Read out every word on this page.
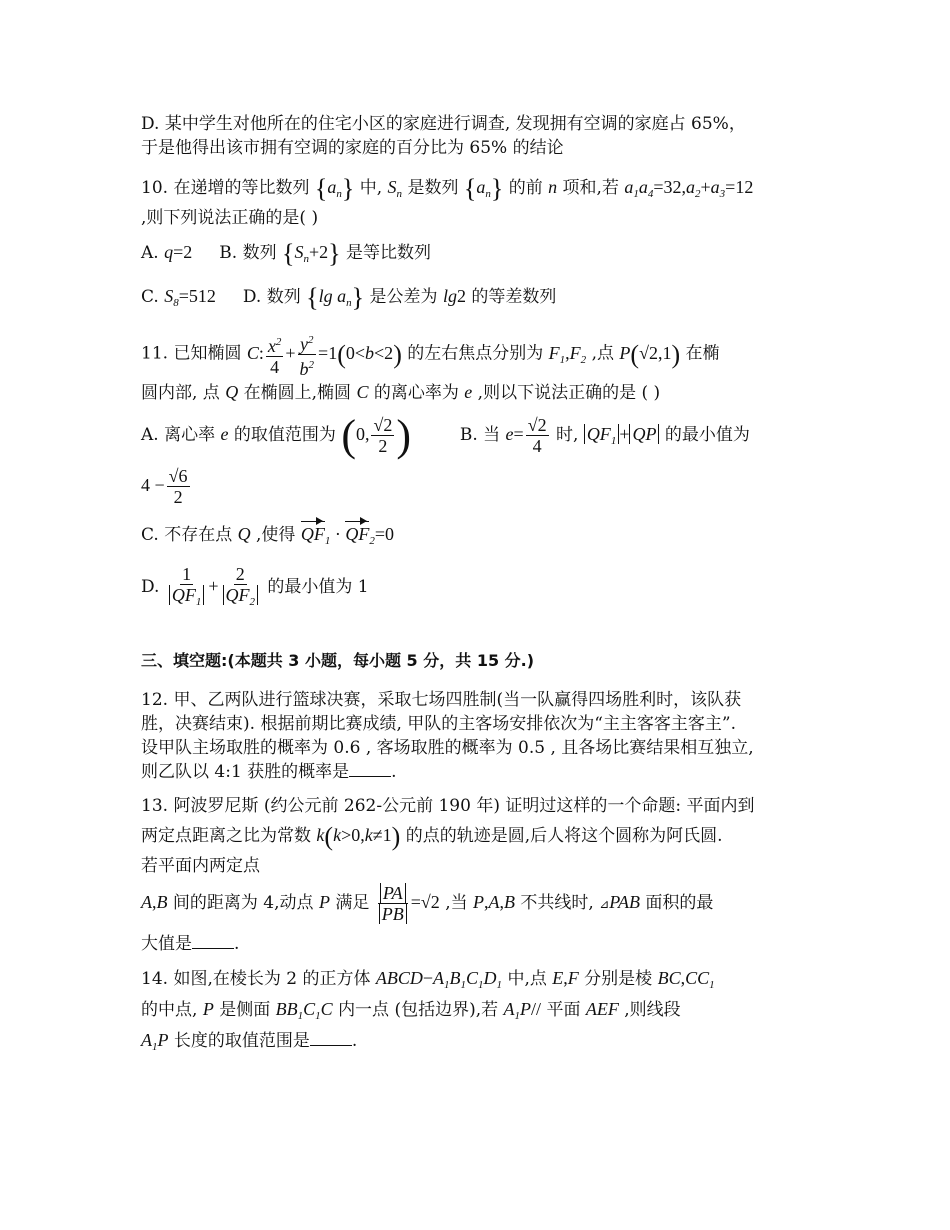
D. 某中学生对他所在的住宅小区的家庭进行调查, 发现拥有空调的家庭占 65%，
于是他得出该市拥有空调的家庭的百分比为 65% 的结论
10. 在递增的等比数列 $\{a_n\}$ 中, $S_n$ 是数列 $\{a_n\}$ 的前 n 项和,若 $a_1a_4=32,a_2+a_3=12$
,则下列说法正确的是( )
A. q=2 B. 数列 $\{S_n+2\}$ 是等比数列
C. $S_8=512$ D. 数列 {lg $a_n$} 是公差为 lg2 的等差数列
11. 已知椭圆 C: $\frac{x^2}{4} + \frac{y^2}{b^2} =1(0<b<2)$ 的左右焦点分别为 $F_1,F_2$ ,点 P(√2,1) 在椭
圆内部, 点 Q 在椭圆上,椭圆 C 的离心率为 e ,则以下说法正确的是 ( )
A. 离心率 e 的取值范围为 (0, $\frac{√2}{2}$ )	B. 当 $e= \frac{√2}{4}$ 时, $QF_1$ + QP 的最小值为
$4 - \frac{√6}{2}$
C. 不存在点 Q ,使得 $QF_1 \cdot QF_2=0$
D. $\frac{1}{QF_1} + \frac{2}{QF_2}$ 的最小值为 1
三、填空题:(本题共 3 小题，每小题 5 分，共 15 分.)
12. 甲、乙两队进行篮球决赛，采取七场四胜制(当一队赢得四场胜利时，该队获
胜，决赛结束). 根据前期比赛成绩, 甲队的主客场安排依次为“主主客客主客主”.
设甲队主场取胜的概率为 0.6 , 客场取胜的概率为 0.5 , 且各场比赛结果相互独立,
则乙队以 4:1 获胜的概率是 .
13. 阿波罗尼斯 (约公元前 262-公元前 190 年) 证明过这样的一个命题: 平面内到
两定点距离之比为常数 k(k>0,k≠1) 的点的轨迹是圆,后人将这个圆称为阿氏圆.
若平面内两定点
A,B 间的距离为 4,动点 P 满足 $\frac{PA}{PB} =√2$ ,当 P,A,B 不共线时, ⊿PAB 面积的最
大值是 .
14. 如图,在棱长为 2 的正方体 $ABCD-A_1B_1C_1D_1$ 中,点 E,F 分别是棱 $BC,CC_1$
的中点, P 是侧面 $BB_1C_1C$ 内一点 (包括边界),若 $A_1P//$ 平面 AEF ,则线段
$A_1P$ 长度的取值范围是 .
